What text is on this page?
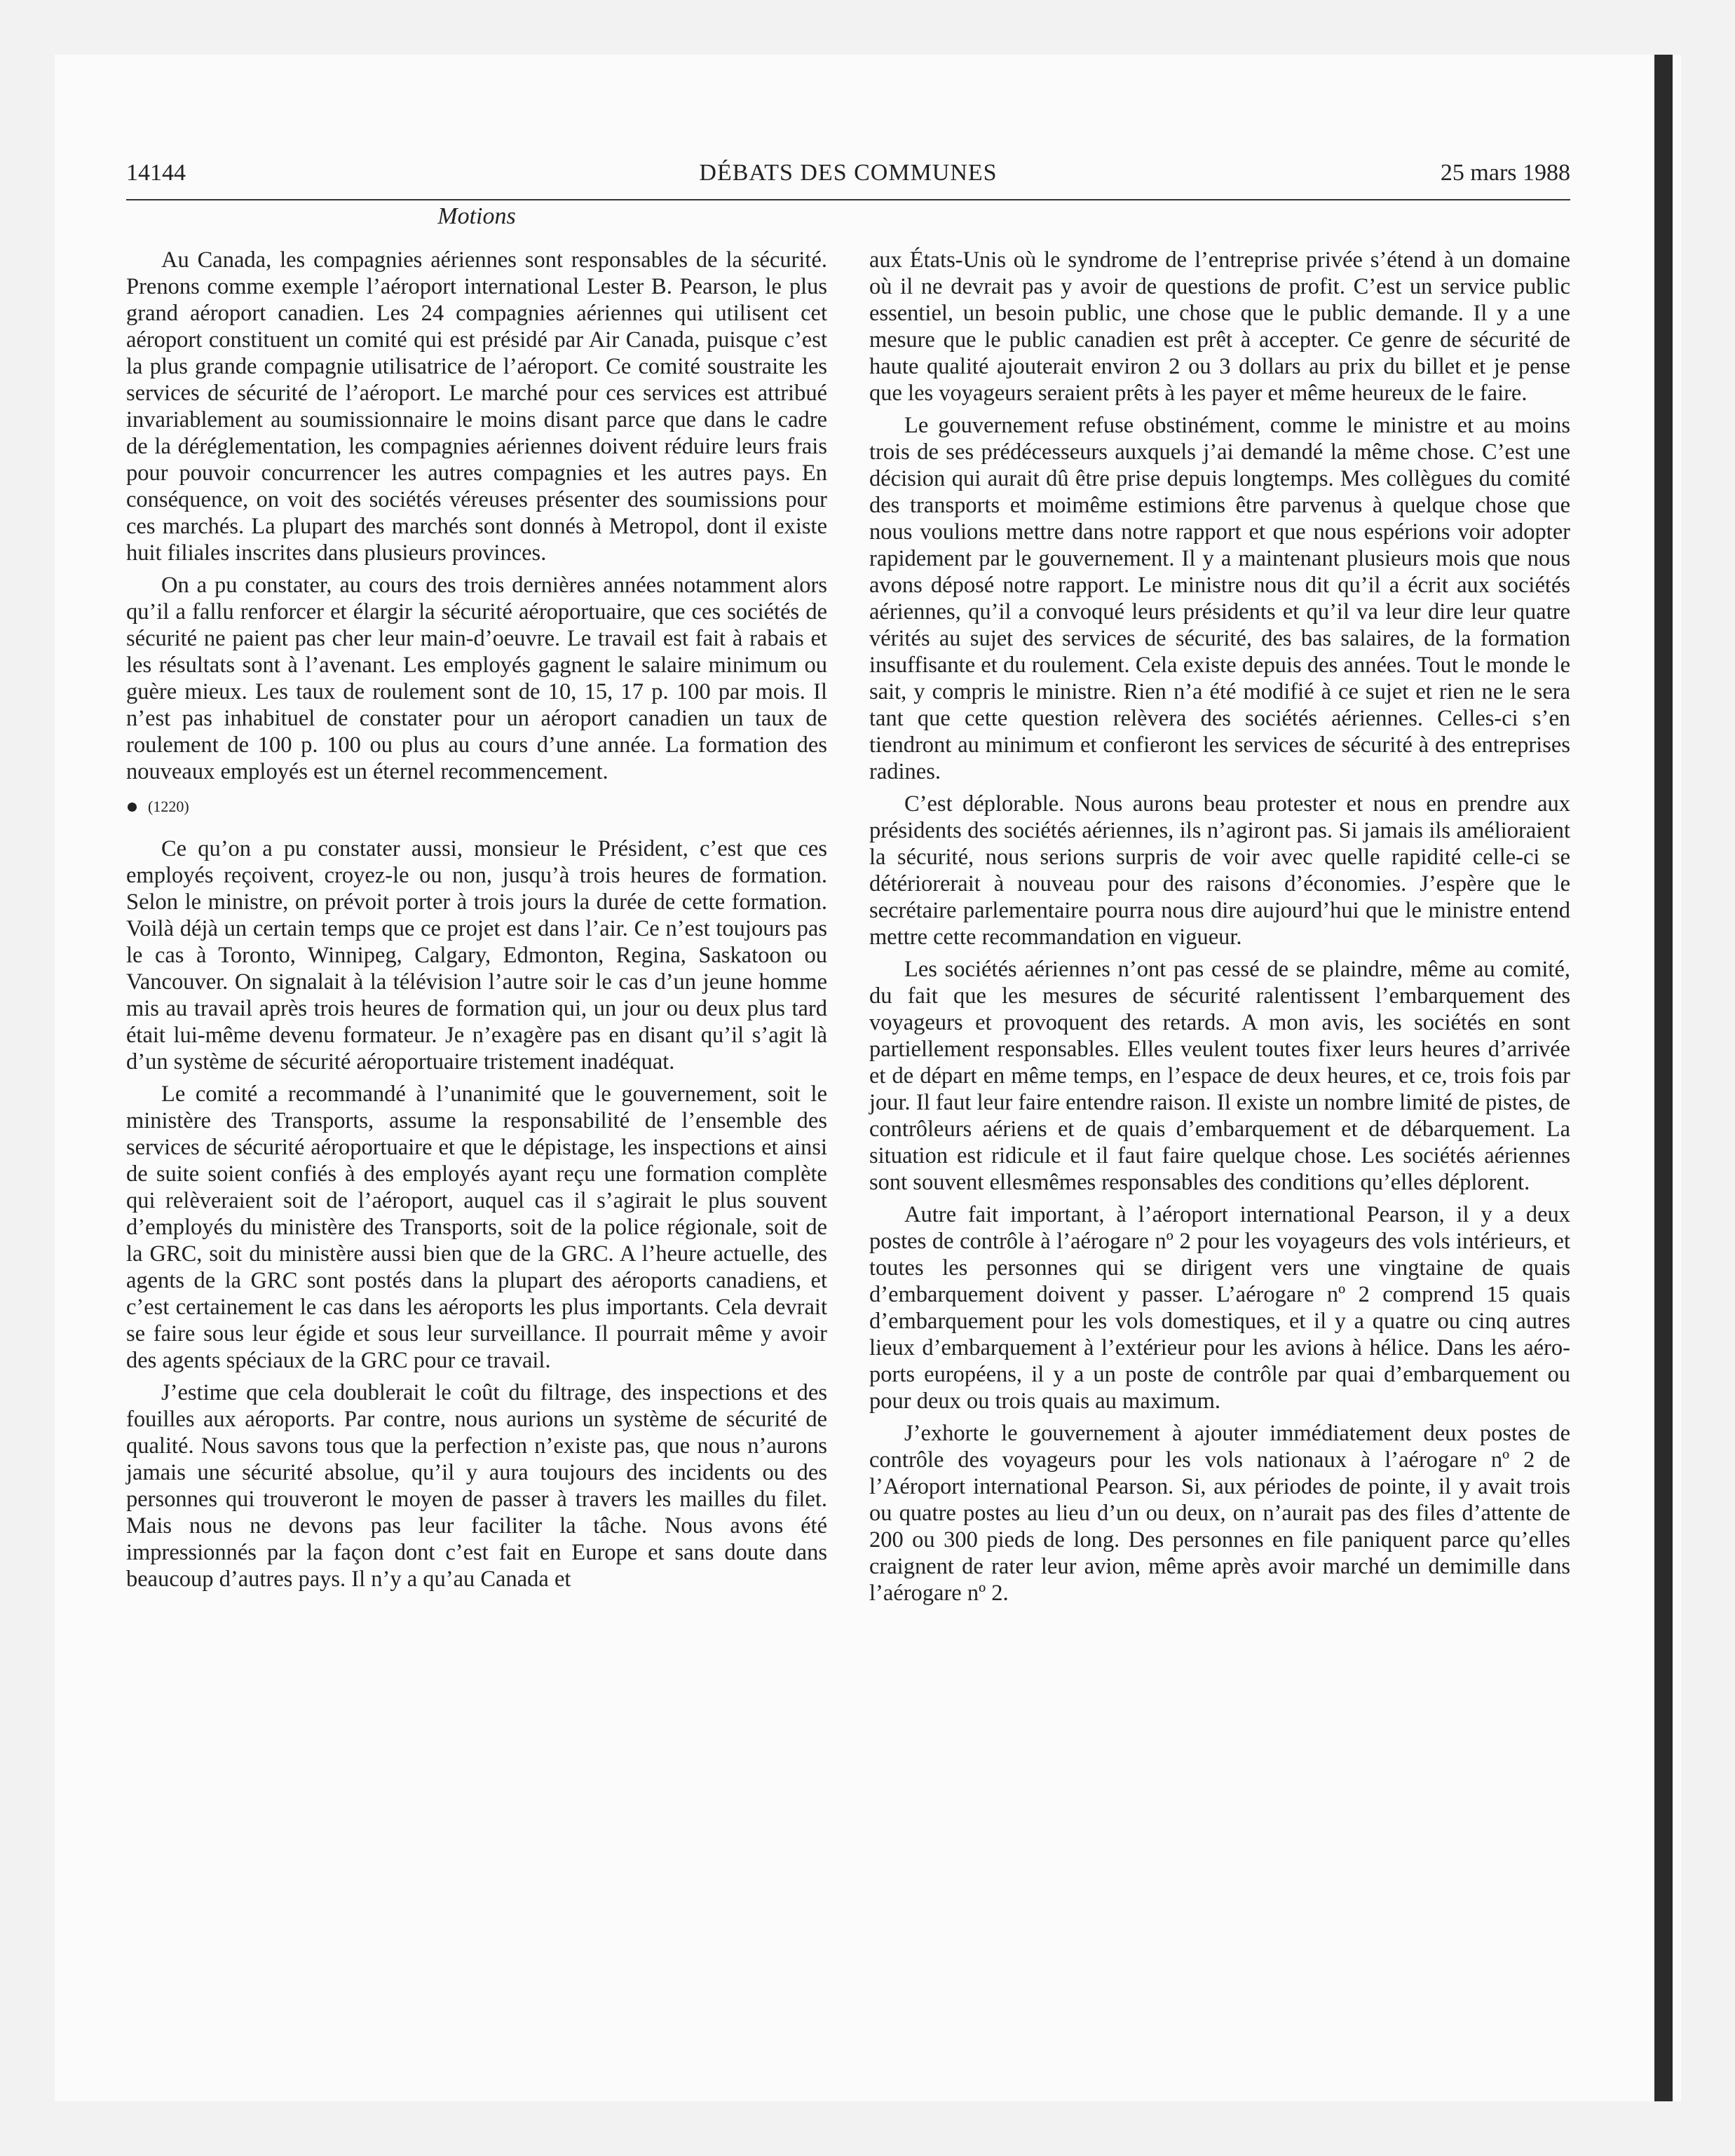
14144	DÉBATS DES COMMUNES	25 mars 1988
Motions

Au Canada, les compagnies aériennes sont responsables de la sécurité. Prenons comme exemple l’aéroport international Lester B. Pearson, le plus grand aéroport canadien. Les 24 compagnies aériennes qui utilisent cet aéroport constituent un comité qui est présidé par Air Canada, puisque c’est la plus grande compagnie utilisatrice de l’aéroport. Ce comité soustraite les services de sécurité de l’aéroport. Le marché pour ces services est attribué invariablement au soumissionnaire le moins disant parce que dans le cadre de la déréglementation, les compagnies aériennes doivent réduire leurs frais pour pouvoir concurrencer les autres compagnies et les autres pays. En conséquence, on voit des sociétés véreuses présenter des soumissions pour ces marchés. La plupart des marchés sont donnés à Metropol, dont il existe huit filiales inscrites dans plusieurs provinces.

On a pu constater, au cours des trois dernières années notamment alors qu’il a fallu renforcer et élargir la sécurité aéroportuaire, que ces sociétés de sécurité ne paient pas cher leur main-d’oeuvre. Le travail est fait à rabais et les résultats sont à l’avenant. Les employés gagnent le salaire minimum ou guère mieux. Les taux de roulement sont de 10, 15, 17 p. 100 par mois. Il n’est pas inhabituel de constater pour un aéroport canadien un taux de roulement de 100 p. 100 ou plus au cours d’une année. La formation des nouveaux employés est un éternel recommencement.

(1220)

Ce qu’on a pu constater aussi, monsieur le Président, c’est que ces employés reçoivent, croyez-le ou non, jusqu’à trois heures de formation. Selon le ministre, on prévoit porter à trois jours la durée de cette formation. Voilà déjà un certain temps que ce projet est dans l’air. Ce n’est toujours pas le cas à Toronto, Winnipeg, Calgary, Edmonton, Regina, Saskatoon ou Vancouver. On signalait à la télévision l’autre soir le cas d’un jeune homme mis au travail après trois heures de formation qui, un jour ou deux plus tard était lui-même devenu formateur. Je n’exagère pas en disant qu’il s’agit là d’un système de sécurité aéroportuaire tristement inadéquat.

Le comité a recommandé à l’unanimité que le gouvernement, soit le ministère des Transports, assume la responsabilité de l’ensemble des services de sécurité aéroportuaire et que le dépistage, les inspections et ainsi de suite soient confiés à des employés ayant reçu une formation complète qui relèveraient soit de l’aéroport, auquel cas il s’agirait le plus souvent d’employés du ministère des Transports, soit de la police régionale, soit de la GRC, soit du ministère aussi bien que de la GRC. A l’heure actuelle, des agents de la GRC sont postés dans la plupart des aéroports canadiens, et c’est certainement le cas dans les aéroports les plus importants. Cela devrait se faire sous leur égide et sous leur surveillance. Il pourrait même y avoir des agents spéciaux de la GRC pour ce travail.

J’estime que cela doublerait le coût du filtrage, des inspections et des fouilles aux aéroports. Par contre, nous aurions un système de sécurité de qualité. Nous savons tous que la perfection n’existe pas, que nous n’aurons jamais une sécurité absolue, qu’il y aura toujours des incidents ou des personnes qui trouveront le moyen de passer à travers les mailles du filet. Mais nous ne devons pas leur faciliter la tâche. Nous avons été impressionnés par la façon dont c’est fait en Europe et sans doute dans beaucoup d’autres pays. Il n’y a qu’au Canada et

aux États-Unis où le syndrome de l’entreprise privée s’étend à un domaine où il ne devrait pas y avoir de questions de profit. C’est un service public essentiel, un besoin public, une chose que le public demande. Il y a une mesure que le public canadien est prêt à accepter. Ce genre de sécurité de haute qualité ajouterait environ 2 ou 3 dollars au prix du billet et je pense que les voyageurs seraient prêts à les payer et même heureux de le faire.

Le gouvernement refuse obstinément, comme le ministre et au moins trois de ses prédécesseurs auxquels j’ai demandé la même chose. C’est une décision qui aurait dû être prise depuis longtemps. Mes collègues du comité des transports et moimême estimions être parvenus à quelque chose que nous voulions mettre dans notre rapport et que nous espérions voir adopter rapidement par le gouvernement. Il y a maintenant plusieurs mois que nous avons déposé notre rapport. Le ministre nous dit qu’il a écrit aux sociétés aériennes, qu’il a convoqué leurs présidents et qu’il va leur dire leur quatre vérités au sujet des services de sécurité, des bas salaires, de la formation insuffisante et du roulement. Cela existe depuis des années. Tout le monde le sait, y compris le ministre. Rien n’a été modifié à ce sujet et rien ne le sera tant que cette question relèvera des sociétés aériennes. Celles-ci s’en tiendront au minimum et confieront les services de sécurité à des entreprises radines.

C’est déplorable. Nous aurons beau protester et nous en prendre aux présidents des sociétés aériennes, ils n’agiront pas. Si jamais ils amélioraient la sécurité, nous serions surpris de voir avec quelle rapidité celle-ci se détériorerait à nouveau pour des raisons d’économies. J’espère que le secrétaire parlementaire pourra nous dire aujourd’hui que le ministre entend mettre cette recommandation en vigueur.

Les sociétés aériennes n’ont pas cessé de se plaindre, même au comité, du fait que les mesures de sécurité ralentissent l’embarquement des voyageurs et provoquent des retards. A mon avis, les sociétés en sont partiellement responsables. Elles veulent toutes fixer leurs heures d’arrivée et de départ en même temps, en l’espace de deux heures, et ce, trois fois par jour. Il faut leur faire entendre raison. Il existe un nombre limité de pistes, de contrôleurs aériens et de quais d’embarquement et de débarquement. La situation est ridicule et il faut faire quelque chose. Les sociétés aériennes sont souvent ellesmêmes responsables des conditions qu’elles déplorent.

Autre fait important, à l’aéroport international Pearson, il y a deux postes de contrôle à l’aérogare nº 2 pour les voyageurs des vols intérieurs, et toutes les personnes qui se dirigent vers une vingtaine de quais d’embarquement doivent y passer. L’aérogare nº 2 comprend 15 quais d’embarquement pour les vols domestiques, et il y a quatre ou cinq autres lieux d’embarquement à l’extérieur pour les avions à hélice. Dans les aéroports européens, il y a un poste de contrôle par quai d’embarquement ou pour deux ou trois quais au maximum.

J’exhorte le gouvernement à ajouter immédiatement deux postes de contrôle des voyageurs pour les vols nationaux à l’aérogare nº 2 de l’Aéroport international Pearson. Si, aux périodes de pointe, il y avait trois ou quatre postes au lieu d’un ou deux, on n’aurait pas des files d’attente de 200 ou 300 pieds de long. Des personnes en file paniquent parce qu’elles craignent de rater leur avion, même après avoir marché un demimille dans l’aérogare nº 2.
